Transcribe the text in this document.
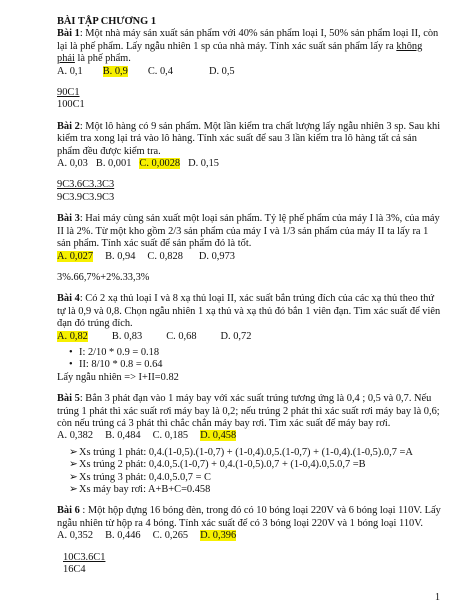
BÀI TẬP CHƯƠNG 1

Bài 1: Một nhà máy sản xuất sản phẩm với 40% sản phẩm loại I, 50% sản phẩm loại II, còn lại là phế phẩm. Lấy ngẫu nhiên 1 sp của nhà máy. Tính xác suất sản phẩm lấy ra không phải là phế phẩm.

A. 0,1 B. 0,9 C. 0,4	D. 0,5

90C1

100C1

Bài 2: Một lô hàng có 9 sản phẩm. Một lần kiểm tra chất lượng lấy ngẫu nhiên 3 sp. Sau khi kiểm tra xong lại trả vào lô hàng. Tính xác suất để sau 3 lần kiểm tra lô hàng tất cả sản phẩm đều được kiểm tra.

A. 0,03 B. 0,001 C. 0,0028 D. 0,15

9C3.6C3.3C3

9C3.9C3.9C3

Bài 3: Hai máy cùng sản xuất một loại sản phẩm. Tỷ lệ phế phẩm của máy I là 3%, của máy II là 2%. Từ một kho gồm 2/3 sản phẩm của máy I và 1/3 sản phẩm của máy II ta lấy ra 1 sản phẩm. Tính xác suất để sản phẩm đó là tốt.

A. 0,027 B. 0,94 C. 0,828 D. 0,973

3%.66,7%+2%.33,3%

Bài 4: Có 2 xạ thủ loại I và 8 xạ thủ loại II, xác suất bắn trúng đích của các xạ thủ theo thứ tự là 0,9 và 0,8. Chọn ngẫu nhiên 1 xạ thủ và xạ thủ đó bắn 1 viên đạn. Tìm xác suất để viên đạn đó trúng đích.

A. 0,82 B. 0,83 C. 0,68 D. 0,72

• I: 2/10 * 0.9 = 0.18
• II: 8/10 * 0.8 = 0.64

Lấy ngẫu nhiên => I+II=0.82

Bài 5: Bắn 3 phát đạn vào 1 máy bay với xác suất trúng tương ứng là 0,4 ; 0,5 và 0,7. Nếu trúng 1 phát thì xác suất rơi máy bay là 0,2; nếu trúng 2 phát thì xác suất rơi máy bay là 0,6; còn nếu trúng cả 3 phát thì chắc chắn máy bay rơi. Tìm xác suất để máy bay rơi.

A. 0,382 B. 0,484 C. 0,185 D. 0,458

➢ Xs trúng 1 phát: 0,4.(1-0,5).(1-0,7) + (1-0,4).0,5.(1-0,7) + (1-0,4).(1-0,5).0,7 =A
➢ Xs trúng 2 phát: 0,4.0,5.(1-0,7) + 0,4.(1-0,5).0,7 + (1-0,4).0,5.0,7 =B
➢ Xs trúng 3 phát: 0,4.0,5.0,7 = C
➢ Xs máy bay rơi: A+B+C=0.458

Bài 6 : Một hộp đựng 16 bóng đèn, trong đó có 10 bóng loại 220V và 6 bóng loại 110V. Lấy ngẫu nhiên từ hộp ra 4 bóng. Tính xác suất để có 3 bóng loại 220V và 1 bóng loại 110V.

A. 0,352 B. 0,446 C. 0,265 D. 0,396

10C3.6C1

16C4

1
